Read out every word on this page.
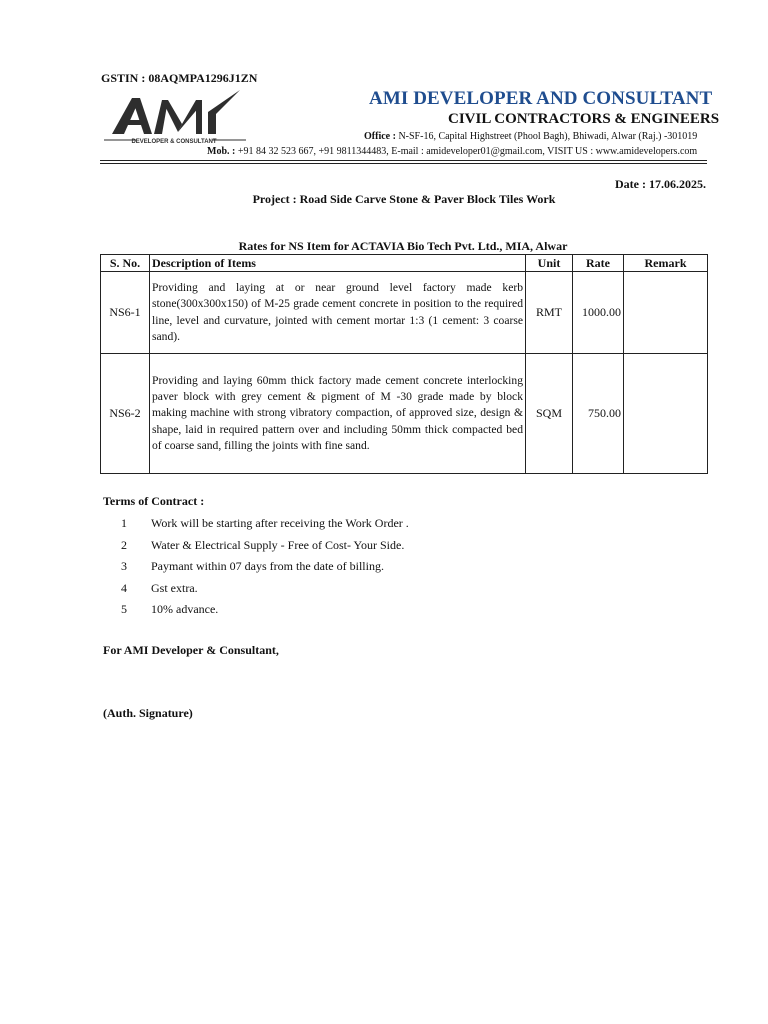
GSTIN : 08AQMPA1296J1ZN
DEVELOPER & CONSULTANT
AMI DEVELOPER AND CONSULTANT
CIVIL CONTRACTORS & ENGINEERS
Office : N-SF-16, Capital Highstreet (Phool Bagh), Bhiwadi, Alwar (Raj.) -301019
Mob. : +91 84 32 523 667, +91 9811344483, E-mail : amideveloper01@gmail.com, VISIT US : www.amidevelopers.com
Date : 17.06.2025.
Project : Road Side Carve Stone & Paver Block Tiles Work
Rates for NS Item for ACTAVIA Bio Tech Pvt. Ltd., MIA, Alwar
S. No.	Description of Items	Unit	Rate	Remark
NS6-1	Providing and laying at or near ground level factory made kerb stone(300x300x150) of M-25 grade cement concrete in position to the required line, level and curvature, jointed with cement mortar 1:3 (1 cement: 3 coarse sand).	RMT	1000.00	
NS6-2	Providing and laying 60mm thick factory made cement concrete interlocking paver block with grey cement & pigment of M -30 grade made by block making machine with strong vibratory compaction, of approved size, design & shape, laid in required pattern over and including 50mm thick compacted bed of coarse sand, filling the joints with fine sand.	SQM	750.00	
Terms of Contract :
1 Work will be starting after receiving the Work Order .
2 Water & Electrical Supply - Free of Cost- Your Side.
3 Paymant within 07 days from the date of billing.
4 Gst extra.
5 10% advance.
For AMI Developer & Consultant,
(Auth. Signature)
